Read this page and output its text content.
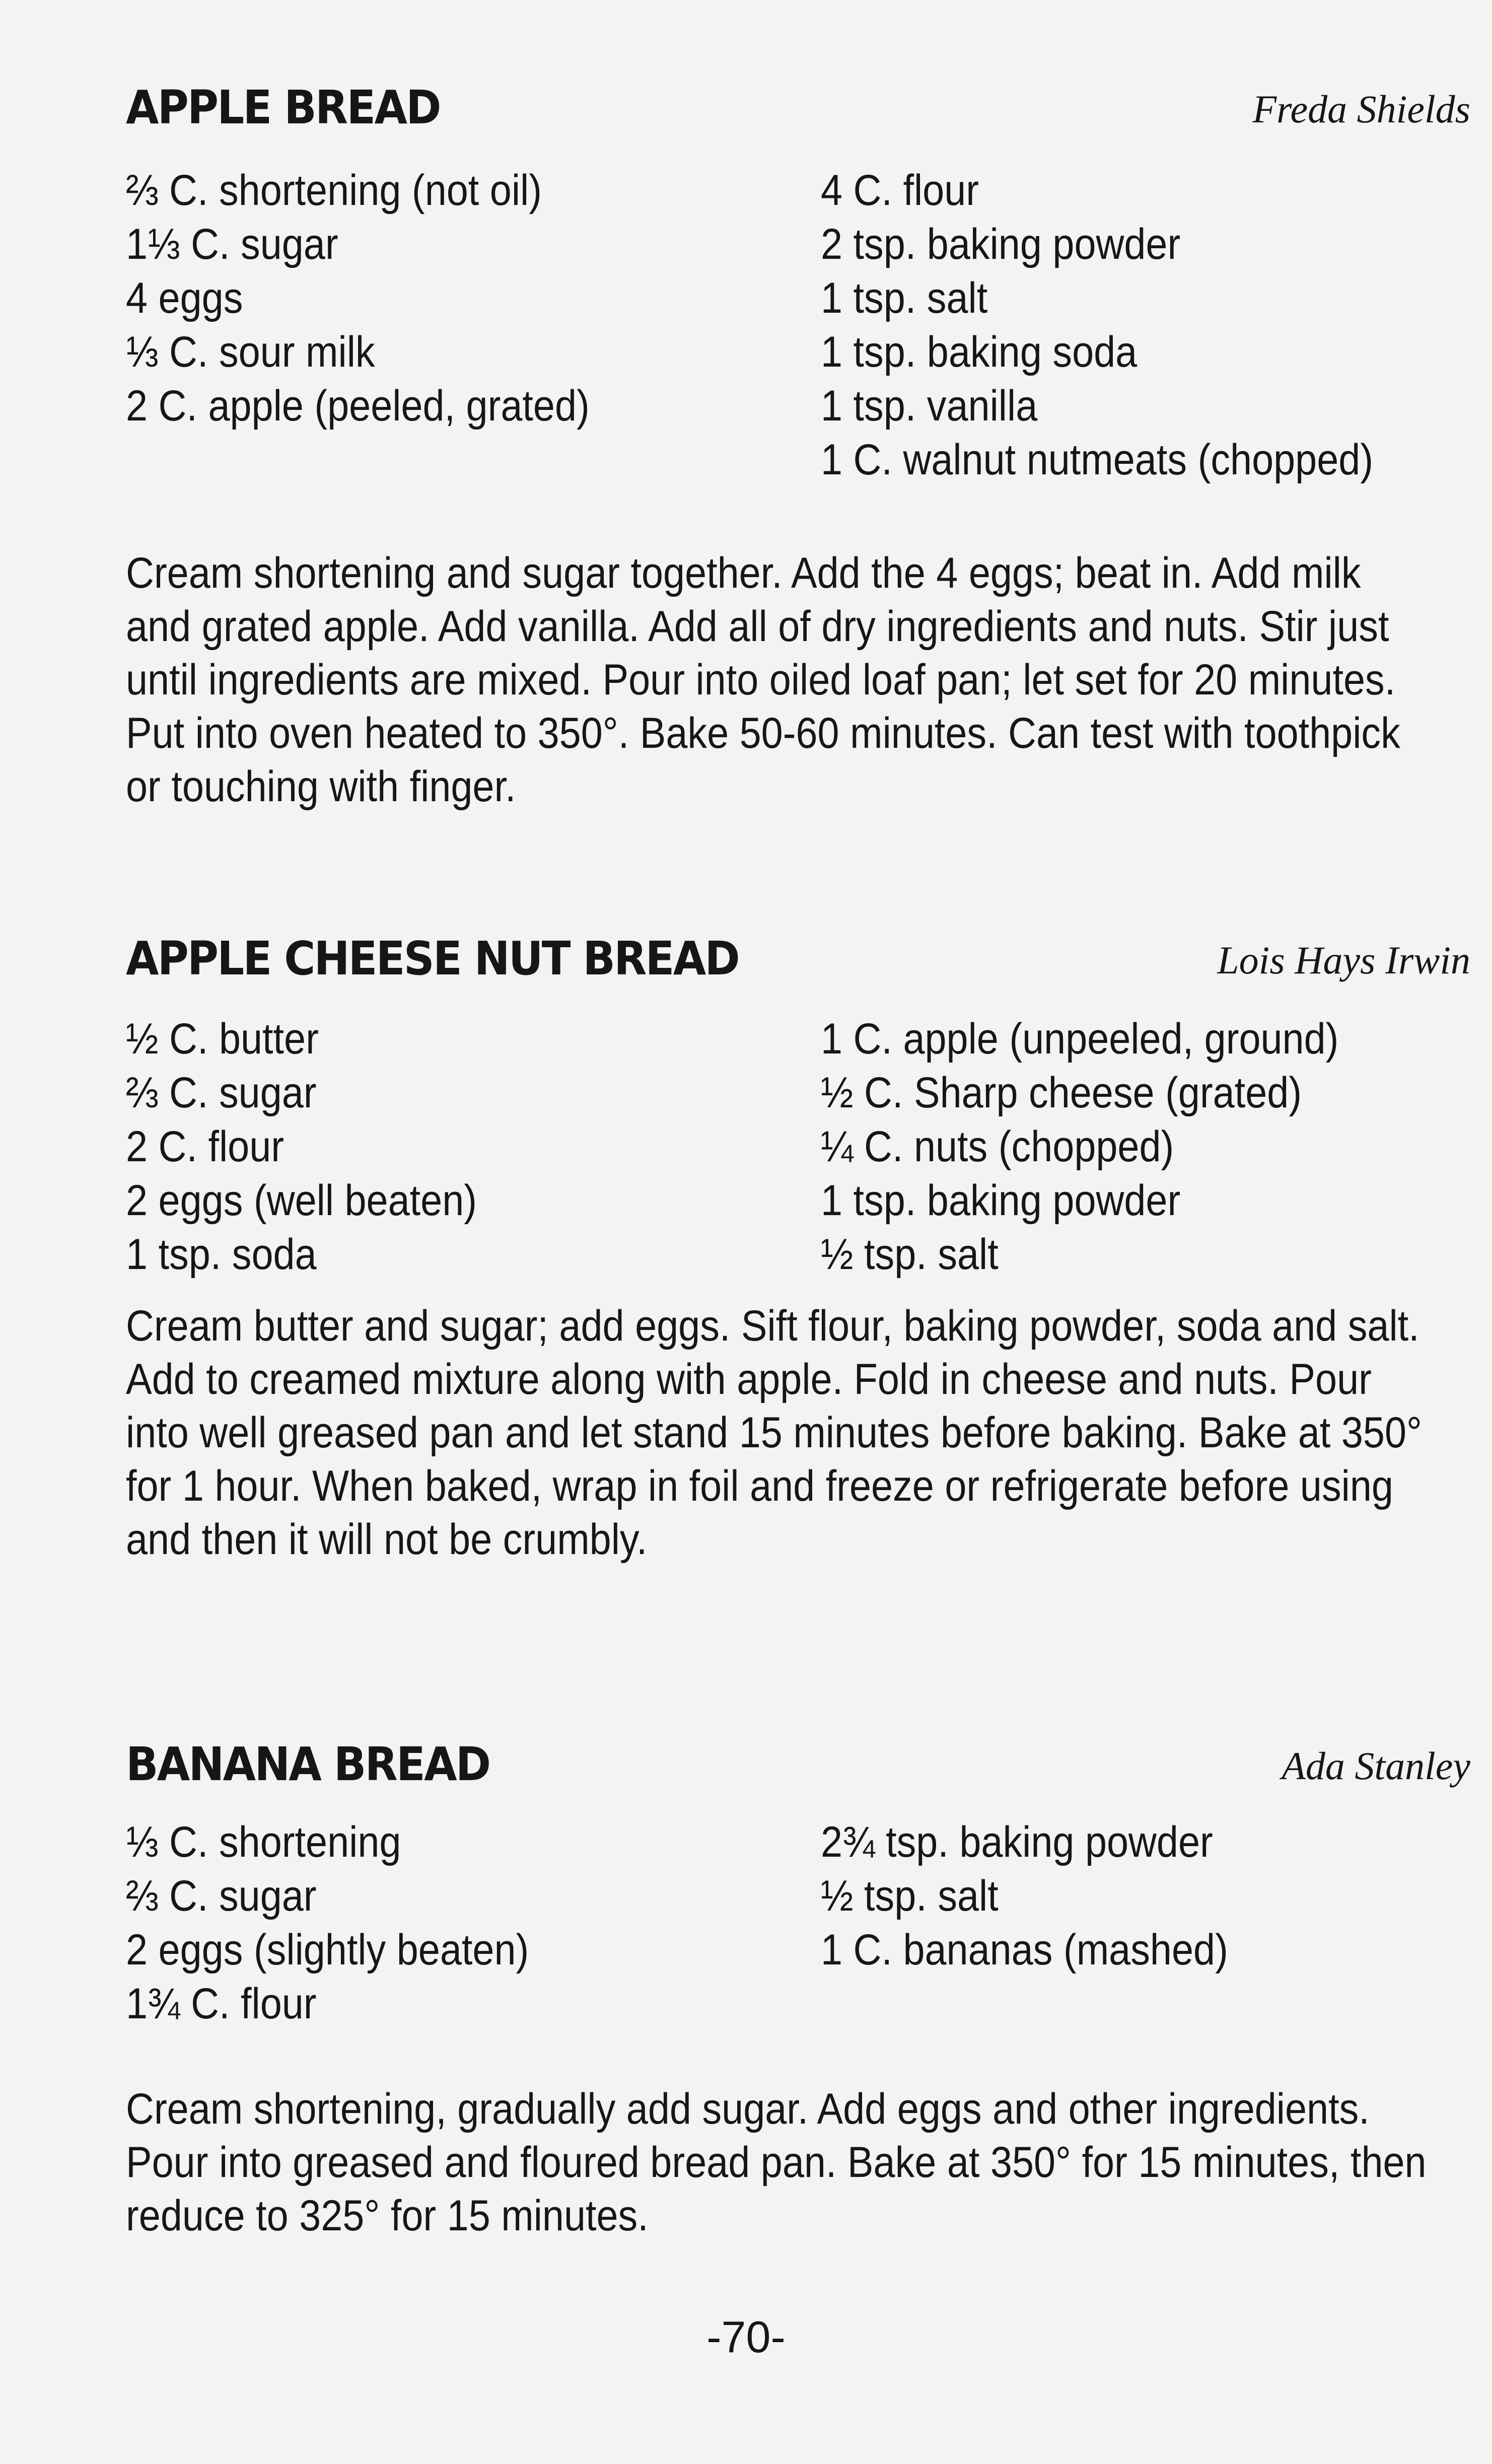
APPLE BREAD	Freda Shields
⅔ C. shortening (not oil)
1⅓ C. sugar
4 eggs
⅓ C. sour milk
2 C. apple (peeled, grated)
4 C. flour
2 tsp. baking powder
1 tsp. salt
1 tsp. baking soda
1 tsp. vanilla
1 C. walnut nutmeats (chopped)
Cream shortening and sugar together. Add the 4 eggs; beat in. Add milk
and grated apple. Add vanilla. Add all of dry ingredients and nuts. Stir just
until ingredients are mixed. Pour into oiled loaf pan; let set for 20 minutes.
Put into oven heated to 350°. Bake 50-60 minutes. Can test with toothpick
or touching with finger.
APPLE CHEESE NUT BREAD	Lois Hays Irwin
½ C. butter
⅔ C. sugar
2 C. flour
2 eggs (well beaten)
1 tsp. soda
1 C. apple (unpeeled, ground)
½ C. Sharp cheese (grated)
¼ C. nuts (chopped)
1 tsp. baking powder
½ tsp. salt
Cream butter and sugar; add eggs. Sift flour, baking powder, soda and salt.
Add to creamed mixture along with apple. Fold in cheese and nuts. Pour
into well greased pan and let stand 15 minutes before baking. Bake at 350°
for 1 hour. When baked, wrap in foil and freeze or refrigerate before using
and then it will not be crumbly.
BANANA BREAD	Ada Stanley
⅓ C. shortening
⅔ C. sugar
2 eggs (slightly beaten)
1¾ C. flour
2¾ tsp. baking powder
½ tsp. salt
1 C. bananas (mashed)
Cream shortening, gradually add sugar. Add eggs and other ingredients.
Pour into greased and floured bread pan. Bake at 350° for 15 minutes, then
reduce to 325° for 15 minutes.
-70-
